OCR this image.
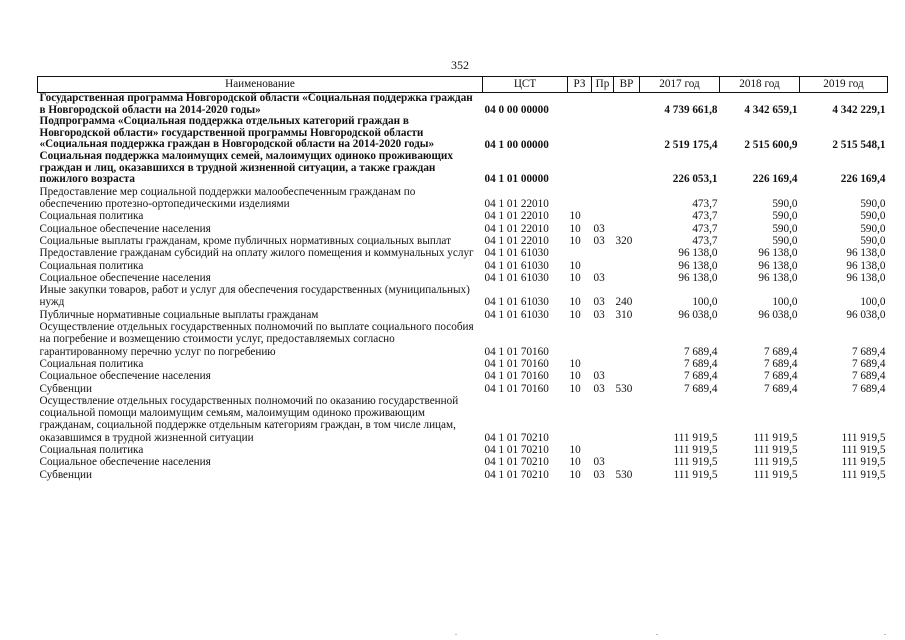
352
Наименование	ЦСТ	РЗ	Пр	ВР	2017 год	2018 год	2019 год
Государственная программа Новгородской области «Социальная поддержка граждан в Новгородской области на 2014-2020 годы»	04 0 00 00000				4 739 661,8	4 342 659,1	4 342 229,1
Подпрограмма «Социальная поддержка отдельных категорий граждан в Новгородской области» государственной программы Новгородской области «Социальная поддержка граждан в Новгородской области на 2014-2020 годы»	04 1 00 00000				2 519 175,4	2 515 600,9	2 515 548,1
Социальная поддержка малоимущих семей, малоимущих одиноко проживающих граждан и лиц, оказавшихся в трудной жизненной ситуации, а также граждан пожилого возраста	04 1 01 00000				226 053,1	226 169,4	226 169,4
Предоставление мер социальной поддержки малообеспеченным гражданам по обеспечению протезно-ортопедическими изделиями	04 1 01 22010				473,7	590,0	590,0
Социальная политика	04 1 01 22010	10			473,7	590,0	590,0
Социальное обеспечение населения	04 1 01 22010	10	03		473,7	590,0	590,0
Социальные выплаты гражданам, кроме публичных нормативных социальных выплат	04 1 01 22010	10	03	320	473,7	590,0	590,0
Предоставление гражданам субсидий на оплату жилого помещения и коммунальных услуг	04 1 01 61030				96 138,0	96 138,0	96 138,0
Социальная политика	04 1 01 61030	10			96 138,0	96 138,0	96 138,0
Социальное обеспечение населения	04 1 01 61030	10	03		96 138,0	96 138,0	96 138,0
Иные закупки товаров, работ и услуг для обеспечения государственных (муниципальных) нужд	04 1 01 61030	10	03	240	100,0	100,0	100,0
Публичные нормативные социальные выплаты гражданам	04 1 01 61030	10	03	310	96 038,0	96 038,0	96 038,0
Осуществление отдельных государственных полномочий по выплате социального пособия на погребение и возмещению стоимости услуг, предоставляемых согласно гарантированному перечню услуг по погребению	04 1 01 70160				7 689,4	7 689,4	7 689,4
Социальная политика	04 1 01 70160	10			7 689,4	7 689,4	7 689,4
Социальное обеспечение населения	04 1 01 70160	10	03		7 689,4	7 689,4	7 689,4
Субвенции	04 1 01 70160	10	03	530	7 689,4	7 689,4	7 689,4
Осуществление отдельных государственных полномочий по оказанию государственной социальной помощи малоимущим семьям, малоимущим одиноко проживающим гражданам, социальной поддержке отдельным категориям граждан, в том числе лицам, оказавшимся в трудной жизненной ситуации	04 1 01 70210				111 919,5	111 919,5	111 919,5
Социальная политика	04 1 01 70210	10			111 919,5	111 919,5	111 919,5
Социальное обеспечение населения	04 1 01 70210	10	03		111 919,5	111 919,5	111 919,5
Субвенции	04 1 01 70210	10	03	530	111 919,5	111 919,5	111 919,5
